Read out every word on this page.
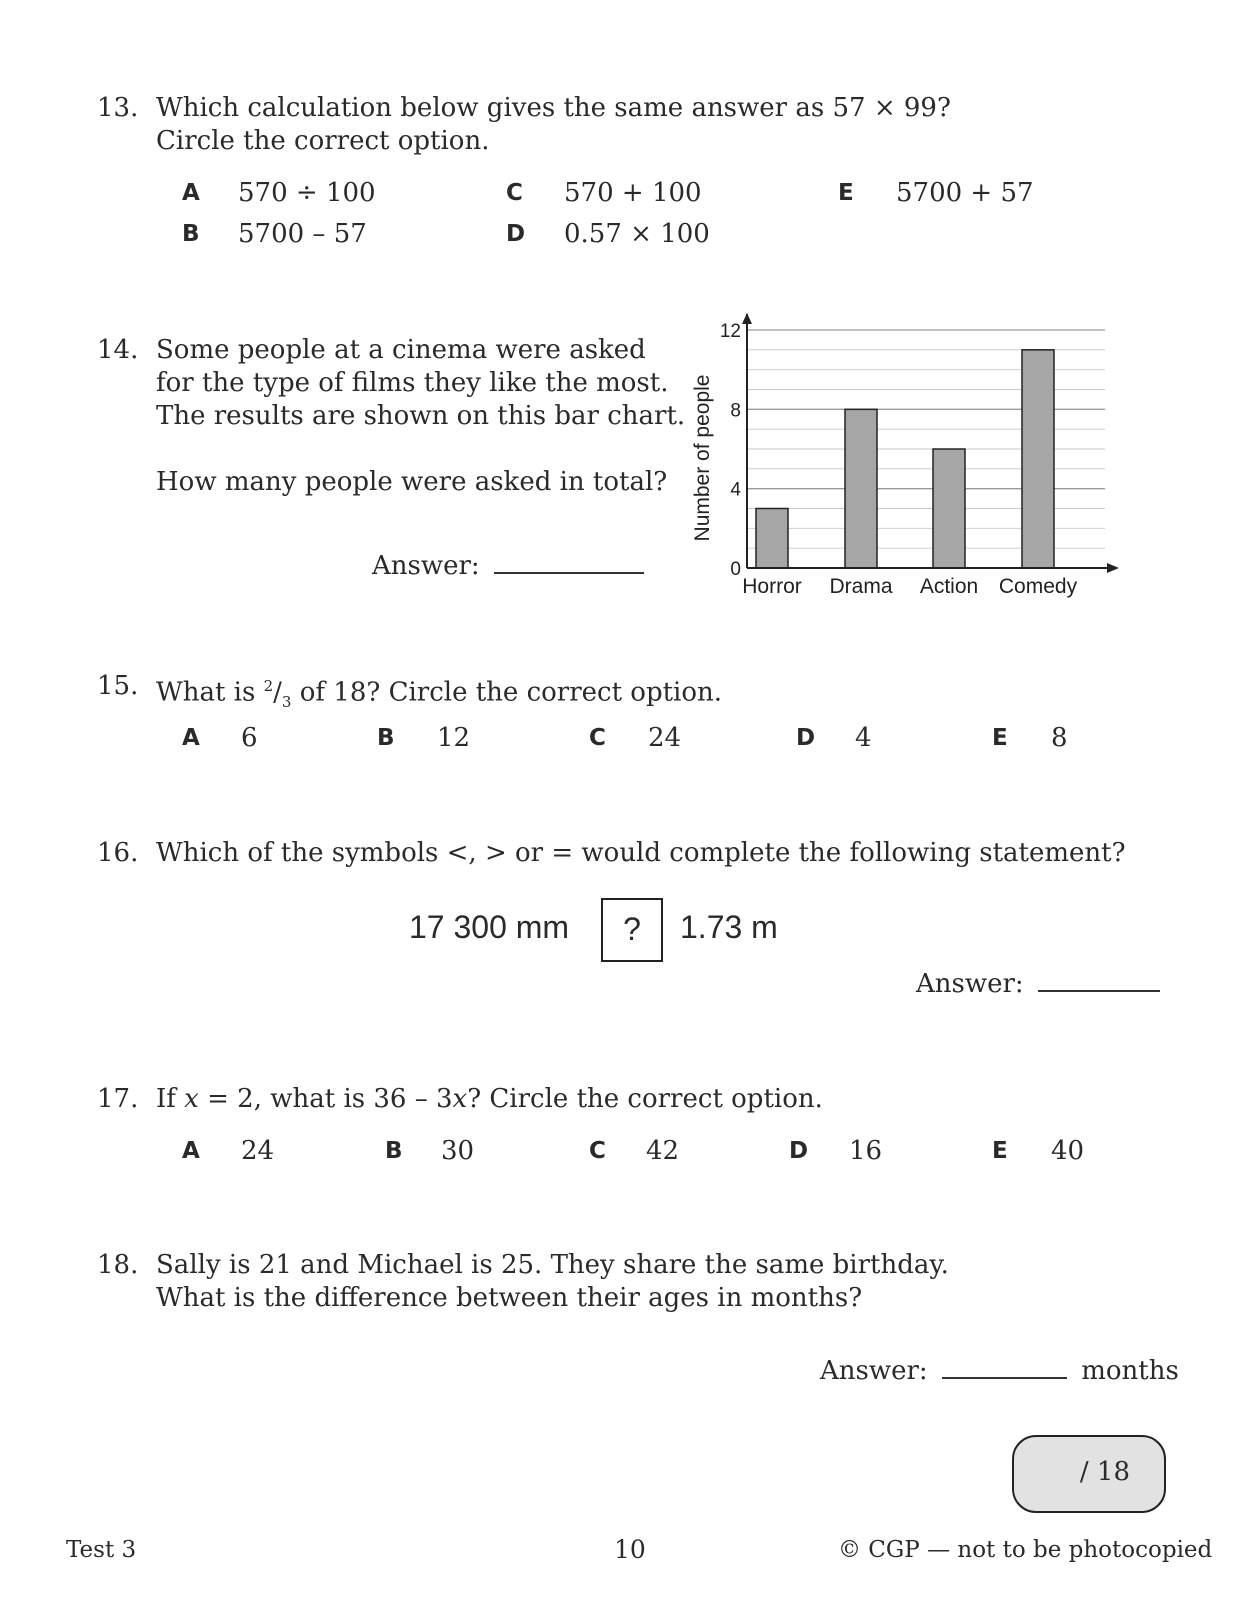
13. Which calculation below gives the same answer as 57 × 99?
Circle the correct option.
A 570 ÷ 100
B 5700 – 57
C 570 + 100
D 0.57 × 100
E 5700 + 57
14. Some people at a cinema were asked
for the type of films they like the most.
The results are shown on this bar chart.
How many people were asked in total?
Answer:	0
4
8
12
Horror Drama Action Comedy
Number of people
15. What is $^2/_3$ of 18? Circle the correct option.
A 6	B 12	C 24	D 4	E 8
16. Which of the symbols <, > or = would complete the following statement?
17 300 mm	?	1.73 m
Answer:
17. If x = 2, what is 36 – 3x? Circle the correct option.
A 24	B 30	C 42	D 16	E 40
18. Sally is 21 and Michael is 25. They share the same birthday.
What is the difference between their ages in months?
Answer:	months
/ 18
Test 3	10	© CGP — not to be photocopied
